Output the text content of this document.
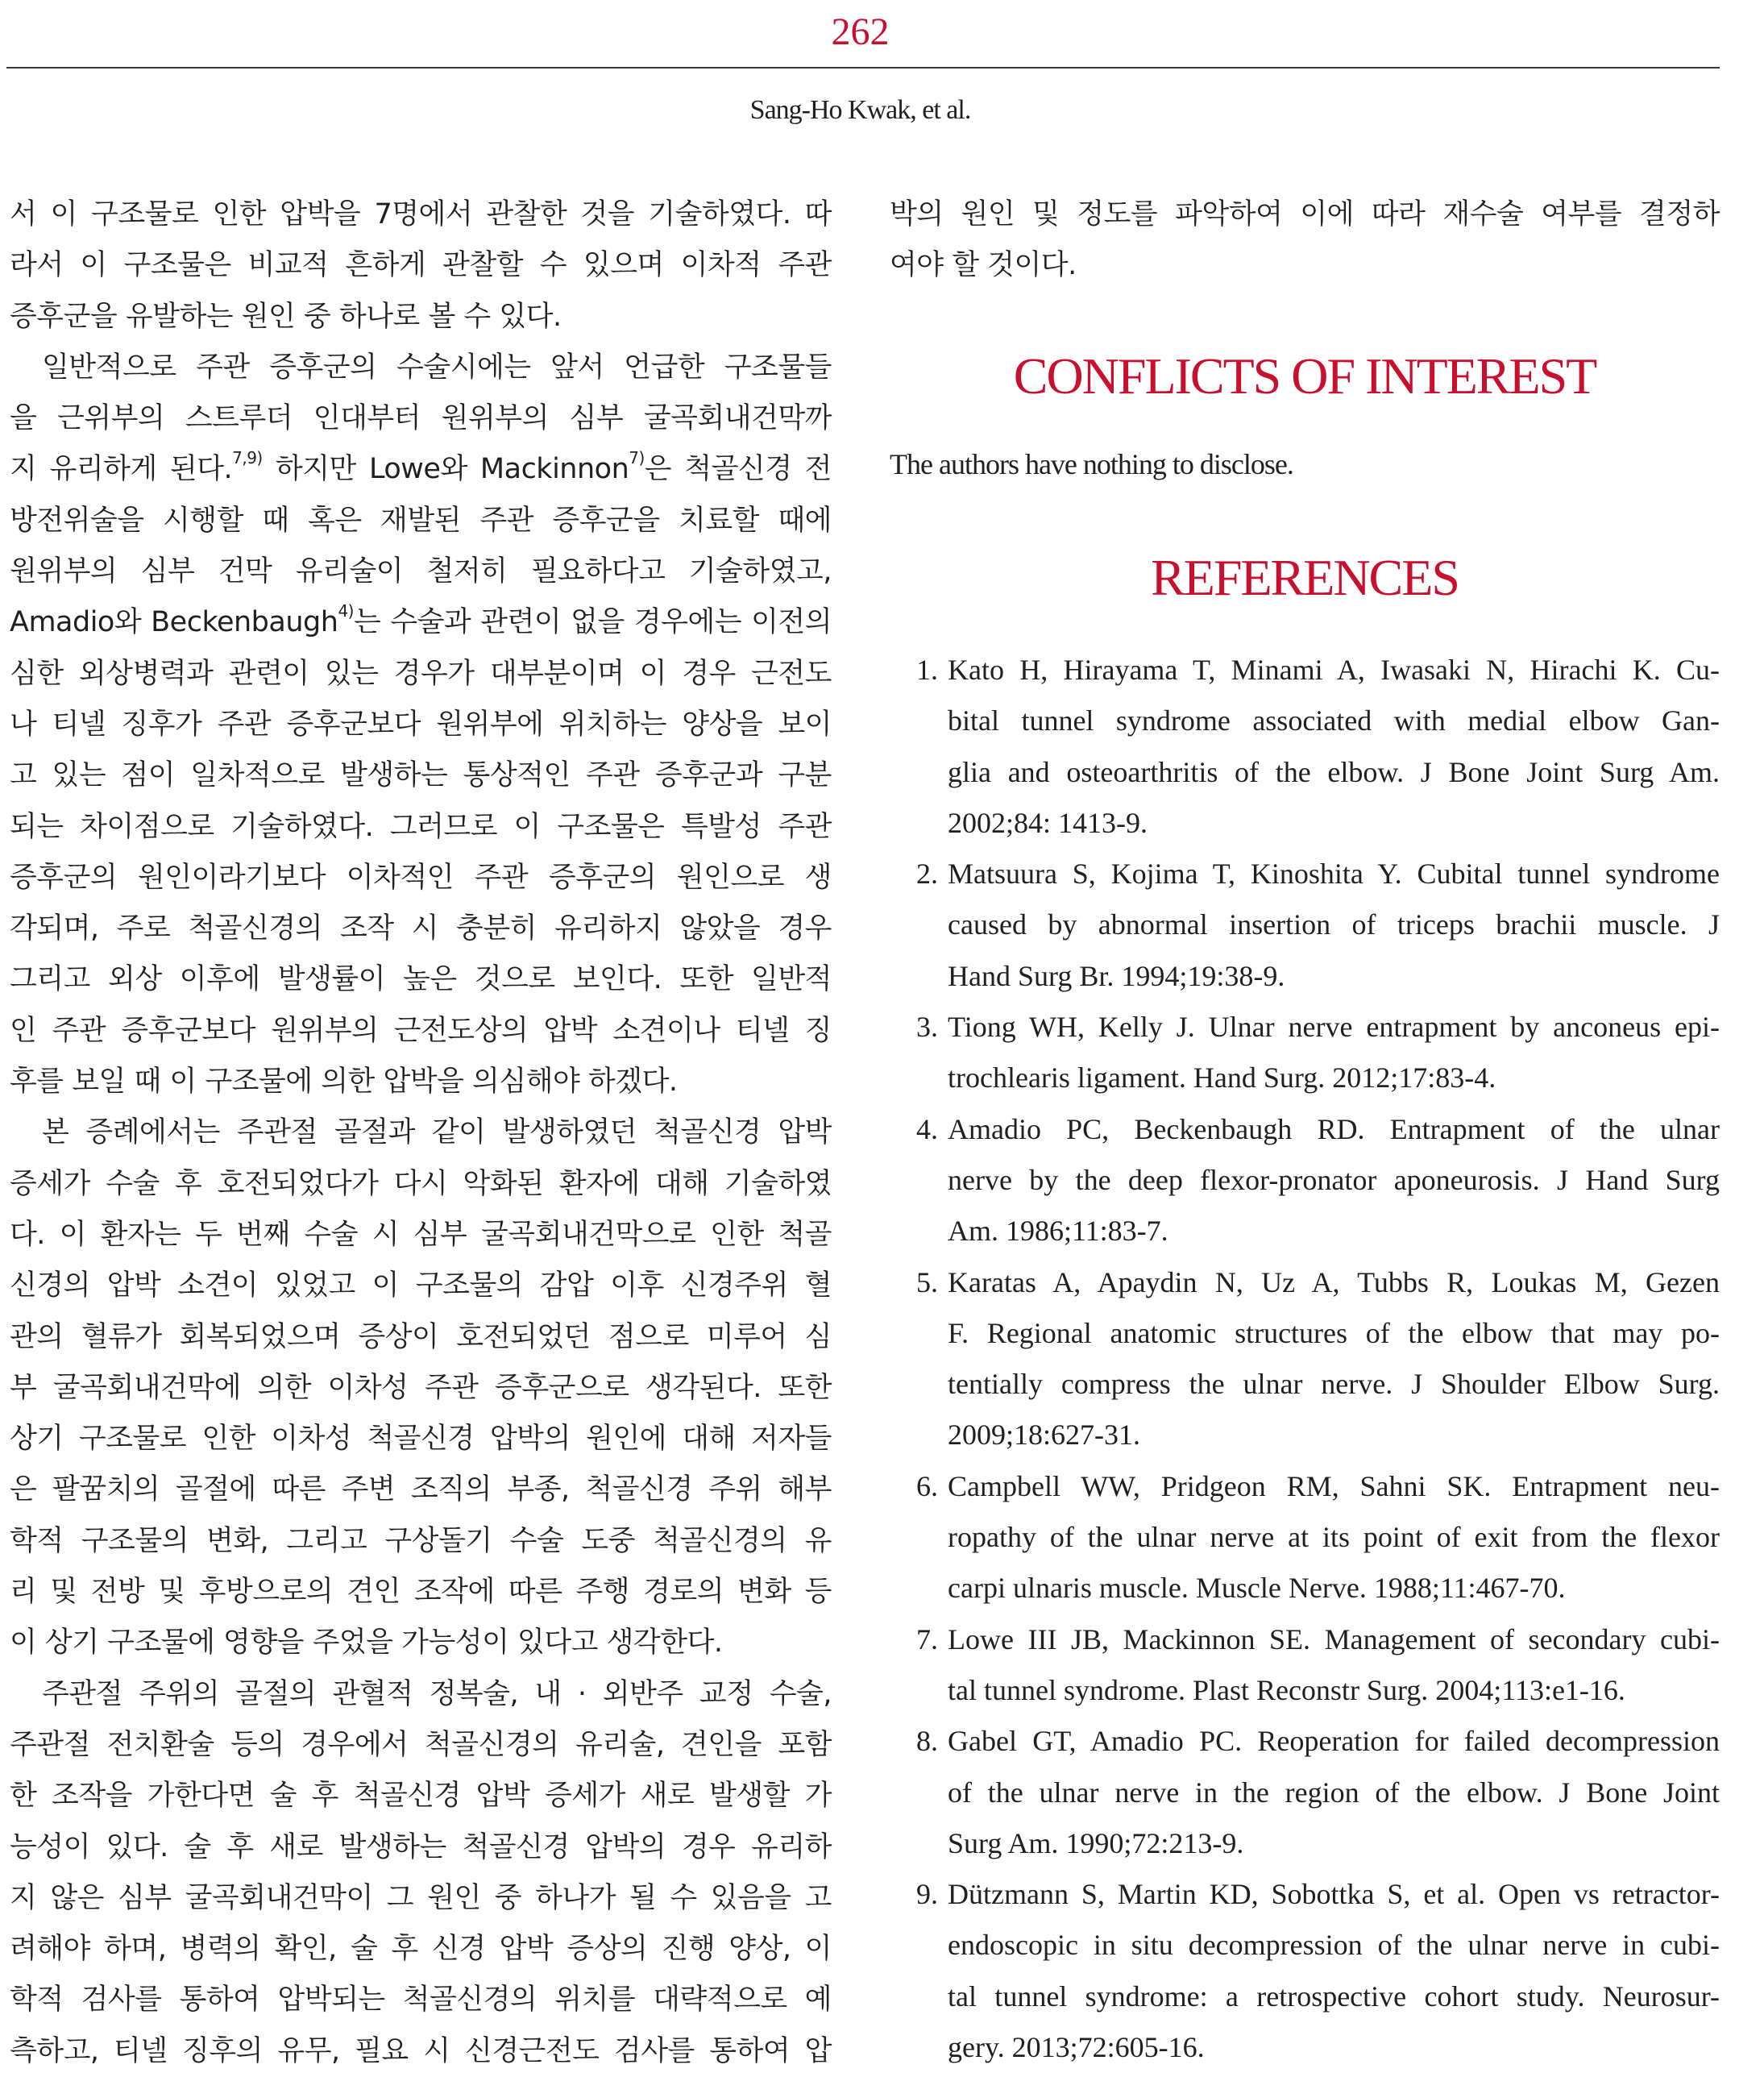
262
Sang-Ho Kwak, et al.
서 이 구조물로 인한 압박을 7명에서 관찰한 것을 기술하였다. 따
라서 이 구조물은 비교적 흔하게 관찰할 수 있으며 이차적 주관
증후군을 유발하는 원인 중 하나로 볼 수 있다.
일반적으로 주관 증후군의 수술시에는 앞서 언급한 구조물들
을 근위부의 스트루더 인대부터 원위부의 심부 굴곡회내건막까
지 유리하게 된다.$^{7,9)}$ 하지만 Lowe와 Mackinnon$^{7)}$은 척골신경 전
방전위술을 시행할 때 혹은 재발된 주관 증후군을 치료할 때에
원위부의 심부 건막 유리술이 철저히 필요하다고 기술하였고,
Amadio와 Beckenbaugh$^{4)}$는 수술과 관련이 없을 경우에는 이전의
심한 외상병력과 관련이 있는 경우가 대부분이며 이 경우 근전도
나 티넬 징후가 주관 증후군보다 원위부에 위치하는 양상을 보이
고 있는 점이 일차적으로 발생하는 통상적인 주관 증후군과 구분
되는 차이점으로 기술하였다. 그러므로 이 구조물은 특발성 주관
증후군의 원인이라기보다 이차적인 주관 증후군의 원인으로 생
각되며, 주로 척골신경의 조작 시 충분히 유리하지 않았을 경우
그리고 외상 이후에 발생률이 높은 것으로 보인다. 또한 일반적
인 주관 증후군보다 원위부의 근전도상의 압박 소견이나 티넬 징
후를 보일 때 이 구조물에 의한 압박을 의심해야 하겠다.
본 증례에서는 주관절 골절과 같이 발생하였던 척골신경 압박
증세가 수술 후 호전되었다가 다시 악화된 환자에 대해 기술하였
다. 이 환자는 두 번째 수술 시 심부 굴곡회내건막으로 인한 척골
신경의 압박 소견이 있었고 이 구조물의 감압 이후 신경주위 혈
관의 혈류가 회복되었으며 증상이 호전되었던 점으로 미루어 심
부 굴곡회내건막에 의한 이차성 주관 증후군으로 생각된다. 또한
상기 구조물로 인한 이차성 척골신경 압박의 원인에 대해 저자들
은 팔꿈치의 골절에 따른 주변 조직의 부종, 척골신경 주위 해부
학적 구조물의 변화, 그리고 구상돌기 수술 도중 척골신경의 유
리 및 전방 및 후방으로의 견인 조작에 따른 주행 경로의 변화 등
이 상기 구조물에 영향을 주었을 가능성이 있다고 생각한다.
주관절 주위의 골절의 관혈적 정복술, 내 · 외반주 교정 수술,
주관절 전치환술 등의 경우에서 척골신경의 유리술, 견인을 포함
한 조작을 가한다면 술 후 척골신경 압박 증세가 새로 발생할 가
능성이 있다. 술 후 새로 발생하는 척골신경 압박의 경우 유리하
지 않은 심부 굴곡회내건막이 그 원인 중 하나가 될 수 있음을 고
려해야 하며, 병력의 확인, 술 후 신경 압박 증상의 진행 양상, 이
학적 검사를 통하여 압박되는 척골신경의 위치를 대략적으로 예
측하고, 티넬 징후의 유무, 필요 시 신경근전도 검사를 통하여 압
박의 원인 및 정도를 파악하여 이에 따라 재수술 여부를 결정하
여야 할 것이다.
CONFLICTS OF INTEREST
The authors have nothing to disclose.
REFERENCES
1. Kato H, Hirayama T, Minami A, Iwasaki N, Hirachi K. Cu-
bital tunnel syndrome associated with medial elbow Gan-
glia and osteoarthritis of the elbow. J Bone Joint Surg Am.
2002;84: 1413-9.
2. Matsuura S, Kojima T, Kinoshita Y. Cubital tunnel syndrome
caused by abnormal insertion of triceps brachii muscle. J
Hand Surg Br. 1994;19:38-9.
3. Tiong WH, Kelly J. Ulnar nerve entrapment by anconeus epi-
trochlearis ligament. Hand Surg. 2012;17:83-4.
4. Amadio PC, Beckenbaugh RD. Entrapment of the ulnar
nerve by the deep flexor-pronator aponeurosis. J Hand Surg
Am. 1986;11:83-7.
5. Karatas A, Apaydin N, Uz A, Tubbs R, Loukas M, Gezen
F. Regional anatomic structures of the elbow that may po-
tentially compress the ulnar nerve. J Shoulder Elbow Surg.
2009;18:627-31.
6. Campbell WW, Pridgeon RM, Sahni SK. Entrapment neu-
ropathy of the ulnar nerve at its point of exit from the flexor
carpi ulnaris muscle. Muscle Nerve. 1988;11:467-70.
7. Lowe III JB, Mackinnon SE. Management of secondary cubi-
tal tunnel syndrome. Plast Reconstr Surg. 2004;113:e1-16.
8. Gabel GT, Amadio PC. Reoperation for failed decompression
of the ulnar nerve in the region of the elbow. J Bone Joint
Surg Am. 1990;72:213-9.
9. Dützmann S, Martin KD, Sobottka S, et al. Open vs retractor-
endoscopic in situ decompression of the ulnar nerve in cubi-
tal tunnel syndrome: a retrospective cohort study. Neurosur-
gery. 2013;72:605-16.
